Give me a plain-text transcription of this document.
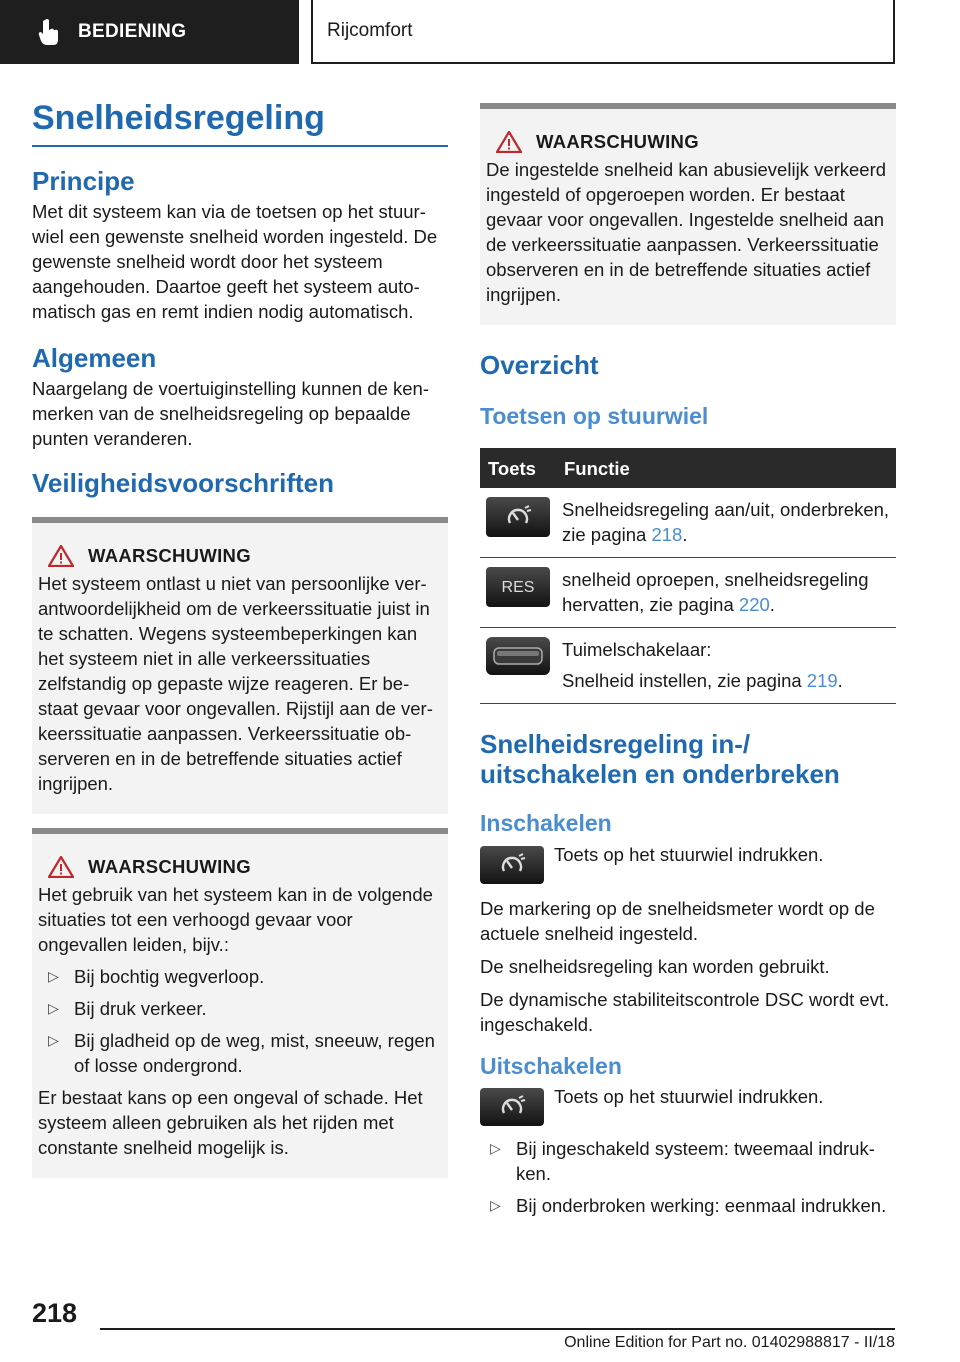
BEDIENING	Rijcomfort
Snelheidsregeling
Principe

Met dit systeem kan via de toetsen op het stuurwiel een gewenste snelheid worden ingesteld. De gewenste snelheid wordt door het systeem aangehouden. Daartoe geeft het systeem automatisch gas en remt indien nodig automatisch.

Algemeen

Naargelang de voertuiginstelling kunnen de kenmerken van de snelheidsregeling op bepaalde punten veranderen.

Veiligheidsvoorschriften
WAARSCHUWING

Het systeem ontlast u niet van persoonlijke verantwoordelijkheid om de verkeerssituatie juist in te schatten. Wegens systeembeperkingen kan het systeem niet in alle verkeerssituaties zelfstandig op gepaste wijze reageren. Er bestaat gevaar voor ongevallen. Rijstijl aan de verkeerssituatie aanpassen. Verkeerssituatie observeren en in de betreffende situaties actief ingrijpen.

WAARSCHUWING

Het gebruik van het systeem kan in de volgende situaties tot een verhoogd gevaar voor ongevallen leiden, bijv.:

▷ Bij bochtig wegverloop.
▷ Bij druk verkeer.
▷ Bij gladheid op de weg, mist, sneeuw, regen of losse ondergrond.

Er bestaat kans op een ongeval of schade. Het systeem alleen gebruiken als het rijden met constante snelheid mogelijk is.

WAARSCHUWING

De ingestelde snelheid kan abusievelijk verkeerd ingesteld of opgeroepen worden. Er bestaat gevaar voor ongevallen. Ingestelde snelheid aan de verkeerssituatie aanpassen. Verkeerssituatie observeren en in de betreffende situaties actief ingrijpen.

Overzicht
Toetsen op stuurwiel
Toets	Functie

	Snelheidsregeling aan/uit, onderbreken, zie pagina 218.

RES	snelheid oproepen, snelheidsregeling hervatten, zie pagina 220.

Tuimelschakelaar:
Snelheid instellen, zie pagina 219.
Snelheidsregeling in-/ uitschakelen en onderbreken
Inschakelen

Toets op het stuurwiel indrukken.

De markering op de snelheidsmeter wordt op de actuele snelheid ingesteld.

De snelheidsregeling kan worden gebruikt.

De dynamische stabiliteitscontrole DSC wordt evt. ingeschakeld.

Uitschakelen

Toets op het stuurwiel indrukken.

▷ Bij ingeschakeld systeem: tweemaal indrukken.
▷ Bij onderbroken werking: eenmaal indrukken.
218
Online Edition for Part no. 01402988817 - II/18
